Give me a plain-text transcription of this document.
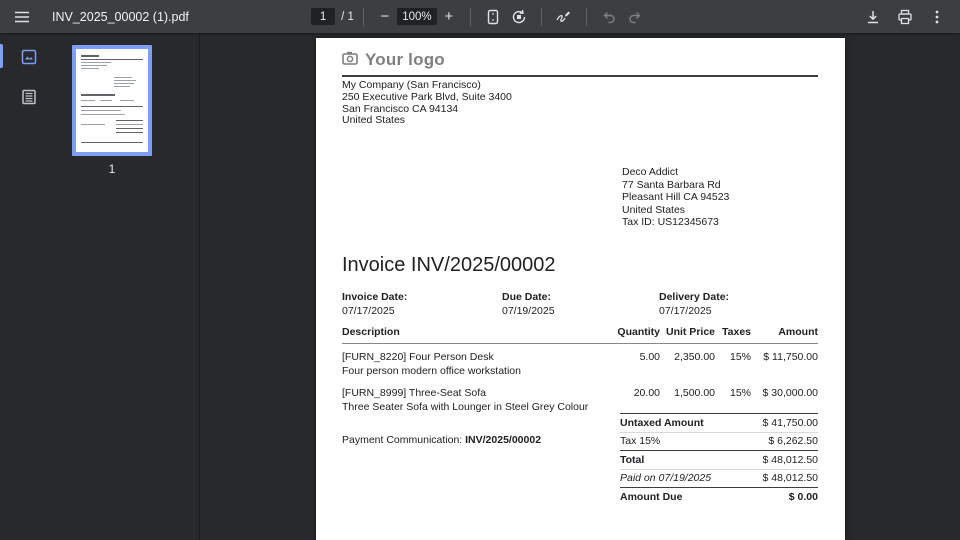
INV_2025_00002 (1).pdf
1	/ 1	−
100%	+
1
Your logo
My Company (San Francisco)
250 Executive Park Blvd, Suite 3400
San Francisco CA 94134
United States
Deco Addict
77 Santa Barbara Rd
Pleasant Hill CA 94523
United States
Tax ID: US12345673
Invoice INV/2025/00002
Invoice Date:	Due Date:	Delivery Date:
07/17/2025	07/19/2025	07/17/2025
Description	Quantity Unit Price Taxes	Amount
[FURN_8220] Four Person Desk	5.00	2,350.00	15%	$ 11,750.00
Four person modern office workstation
[FURN_8999] Three-Seat Sofa	20.00	1,500.00	15%	$ 30,000.00
Three Seater Sofa with Lounger in Steel Grey Colour
Untaxed Amount	$ 41,750.00
Tax 15%	$ 6,262.50
Total	$ 48,012.50
Paid on 07/19/2025	$ 48,012.50
Amount Due	$ 0.00
Payment Communication: INV/2025/00002
